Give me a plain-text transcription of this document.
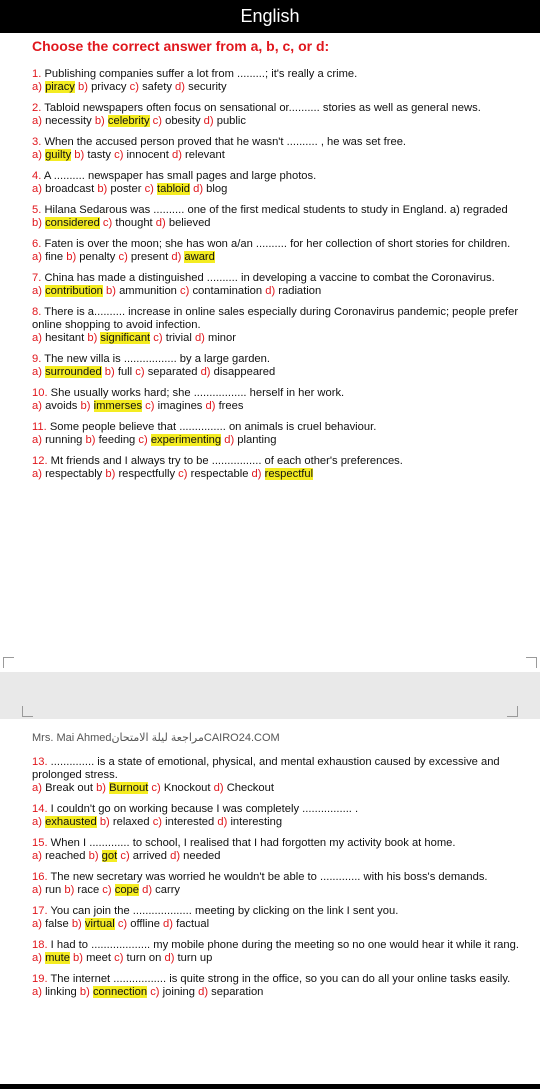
English
Choose the correct answer from a, b, c, or d:
1. Publishing companies suffer a lot from .........; it's really a crime.
a) piracy b) privacy c) safety d) security
2. Tabloid newspapers often focus on sensational or.......... stories as well as general news.
a) necessity b) celebrity c) obesity d) public
3. When the accused person proved that he wasn't .......... , he was set free.
a) guilty b) tasty c) innocent d) relevant
4. A .......... newspaper has small pages and large photos.
a) broadcast b) poster c) tabloid d) blog
5. Hilana Sedarous was .......... one of the first medical students to study in England. a) regraded
b) considered c) thought d) believed
6. Faten is over the moon; she has won a/an .......... for her collection of short stories for children.
a) fine b) penalty c) present d) award
7. China has made a distinguished .......... in developing a vaccine to combat the Coronavirus.
a) contribution b) ammunition c) contamination d) radiation
8. There is a.......... increase in online sales especially during Coronavirus pandemic; people prefer online shopping to avoid infection.
a) hesitant b) significant c) trivial d) minor
9. The new villa is ................. by a large garden.
a) surrounded b) full c) separated d) disappeared
10. She usually works hard; she ................. herself in her work.
a) avoids b) immerses c) imagines d) frees
11. Some people believe that ............... on animals is cruel behaviour.
a) running b) feeding c) experimenting d) planting
12. Mt friends and I always try to be ................ of each other's preferences.
a) respectably b) respectfully c) respectable d) respectful
Mrs. Mai Ahmedمراجعة ليلة الامتحانCAIRO24.COM
13. .............. is a state of emotional, physical, and mental exhaustion caused by excessive and prolonged stress.
a) Break out b) Burnout c) Knockout d) Checkout
14. I couldn't go on working because I was completely ................ .
a) exhausted b) relaxed c) interested d) interesting
15. When I ............. to school, I realised that I had forgotten my activity book at home.
a) reached b) got c) arrived d) needed
16. The new secretary was worried he wouldn't be able to ............. with his boss's demands.
a) run b) race c) cope d) carry
17. You can join the ................... meeting by clicking on the link I sent you.
a) false b) virtual c) offline d) factual
18. I had to ................... my mobile phone during the meeting so no one would hear it while it rang.
a) mute b) meet c) turn on d) turn up
19. The internet ................. is quite strong in the office, so you can do all your online tasks easily.
a) linking b) connection c) joining d) separation
